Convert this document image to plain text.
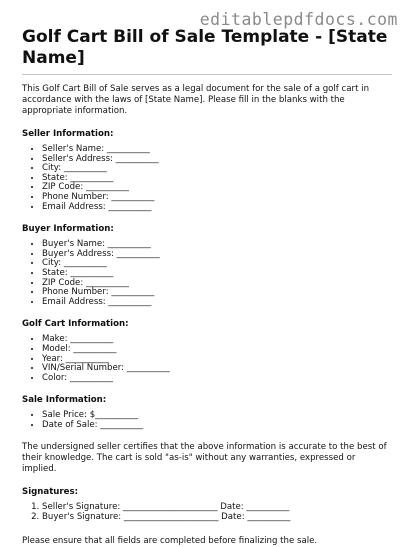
editablepdfdocs.com
Golf Cart Bill of Sale Template - [State Name]

This Golf Cart Bill of Sale serves as a legal document for the sale of a golf cart in accordance with the laws of [State Name]. Please fill in the blanks with the appropriate information.

Seller Information:
• Seller's Name: __________
• Seller's Address: __________
• City: __________
• State: __________
• ZIP Code: __________
• Phone Number: __________
• Email Address: __________
Buyer Information:
• Buyer's Name: __________
• Buyer's Address: __________
• City: __________
• State: __________
• ZIP Code: __________
• Phone Number: __________
• Email Address: __________
Golf Cart Information:
• Make: __________
• Model: __________
• Year: __________
• VIN/Serial Number: __________
• Color: __________
Sale Information:
• Sale Price: $__________
• Date of Sale: __________

The undersigned seller certifies that the above information is accurate to the best of their knowledge. The cart is sold "as-is" without any warranties, expressed or implied.

Signatures:
1. Seller's Signature: ______________________ Date: __________
2. Buyer's Signature: ______________________ Date: __________

Please ensure that all fields are completed before finalizing the sale.
